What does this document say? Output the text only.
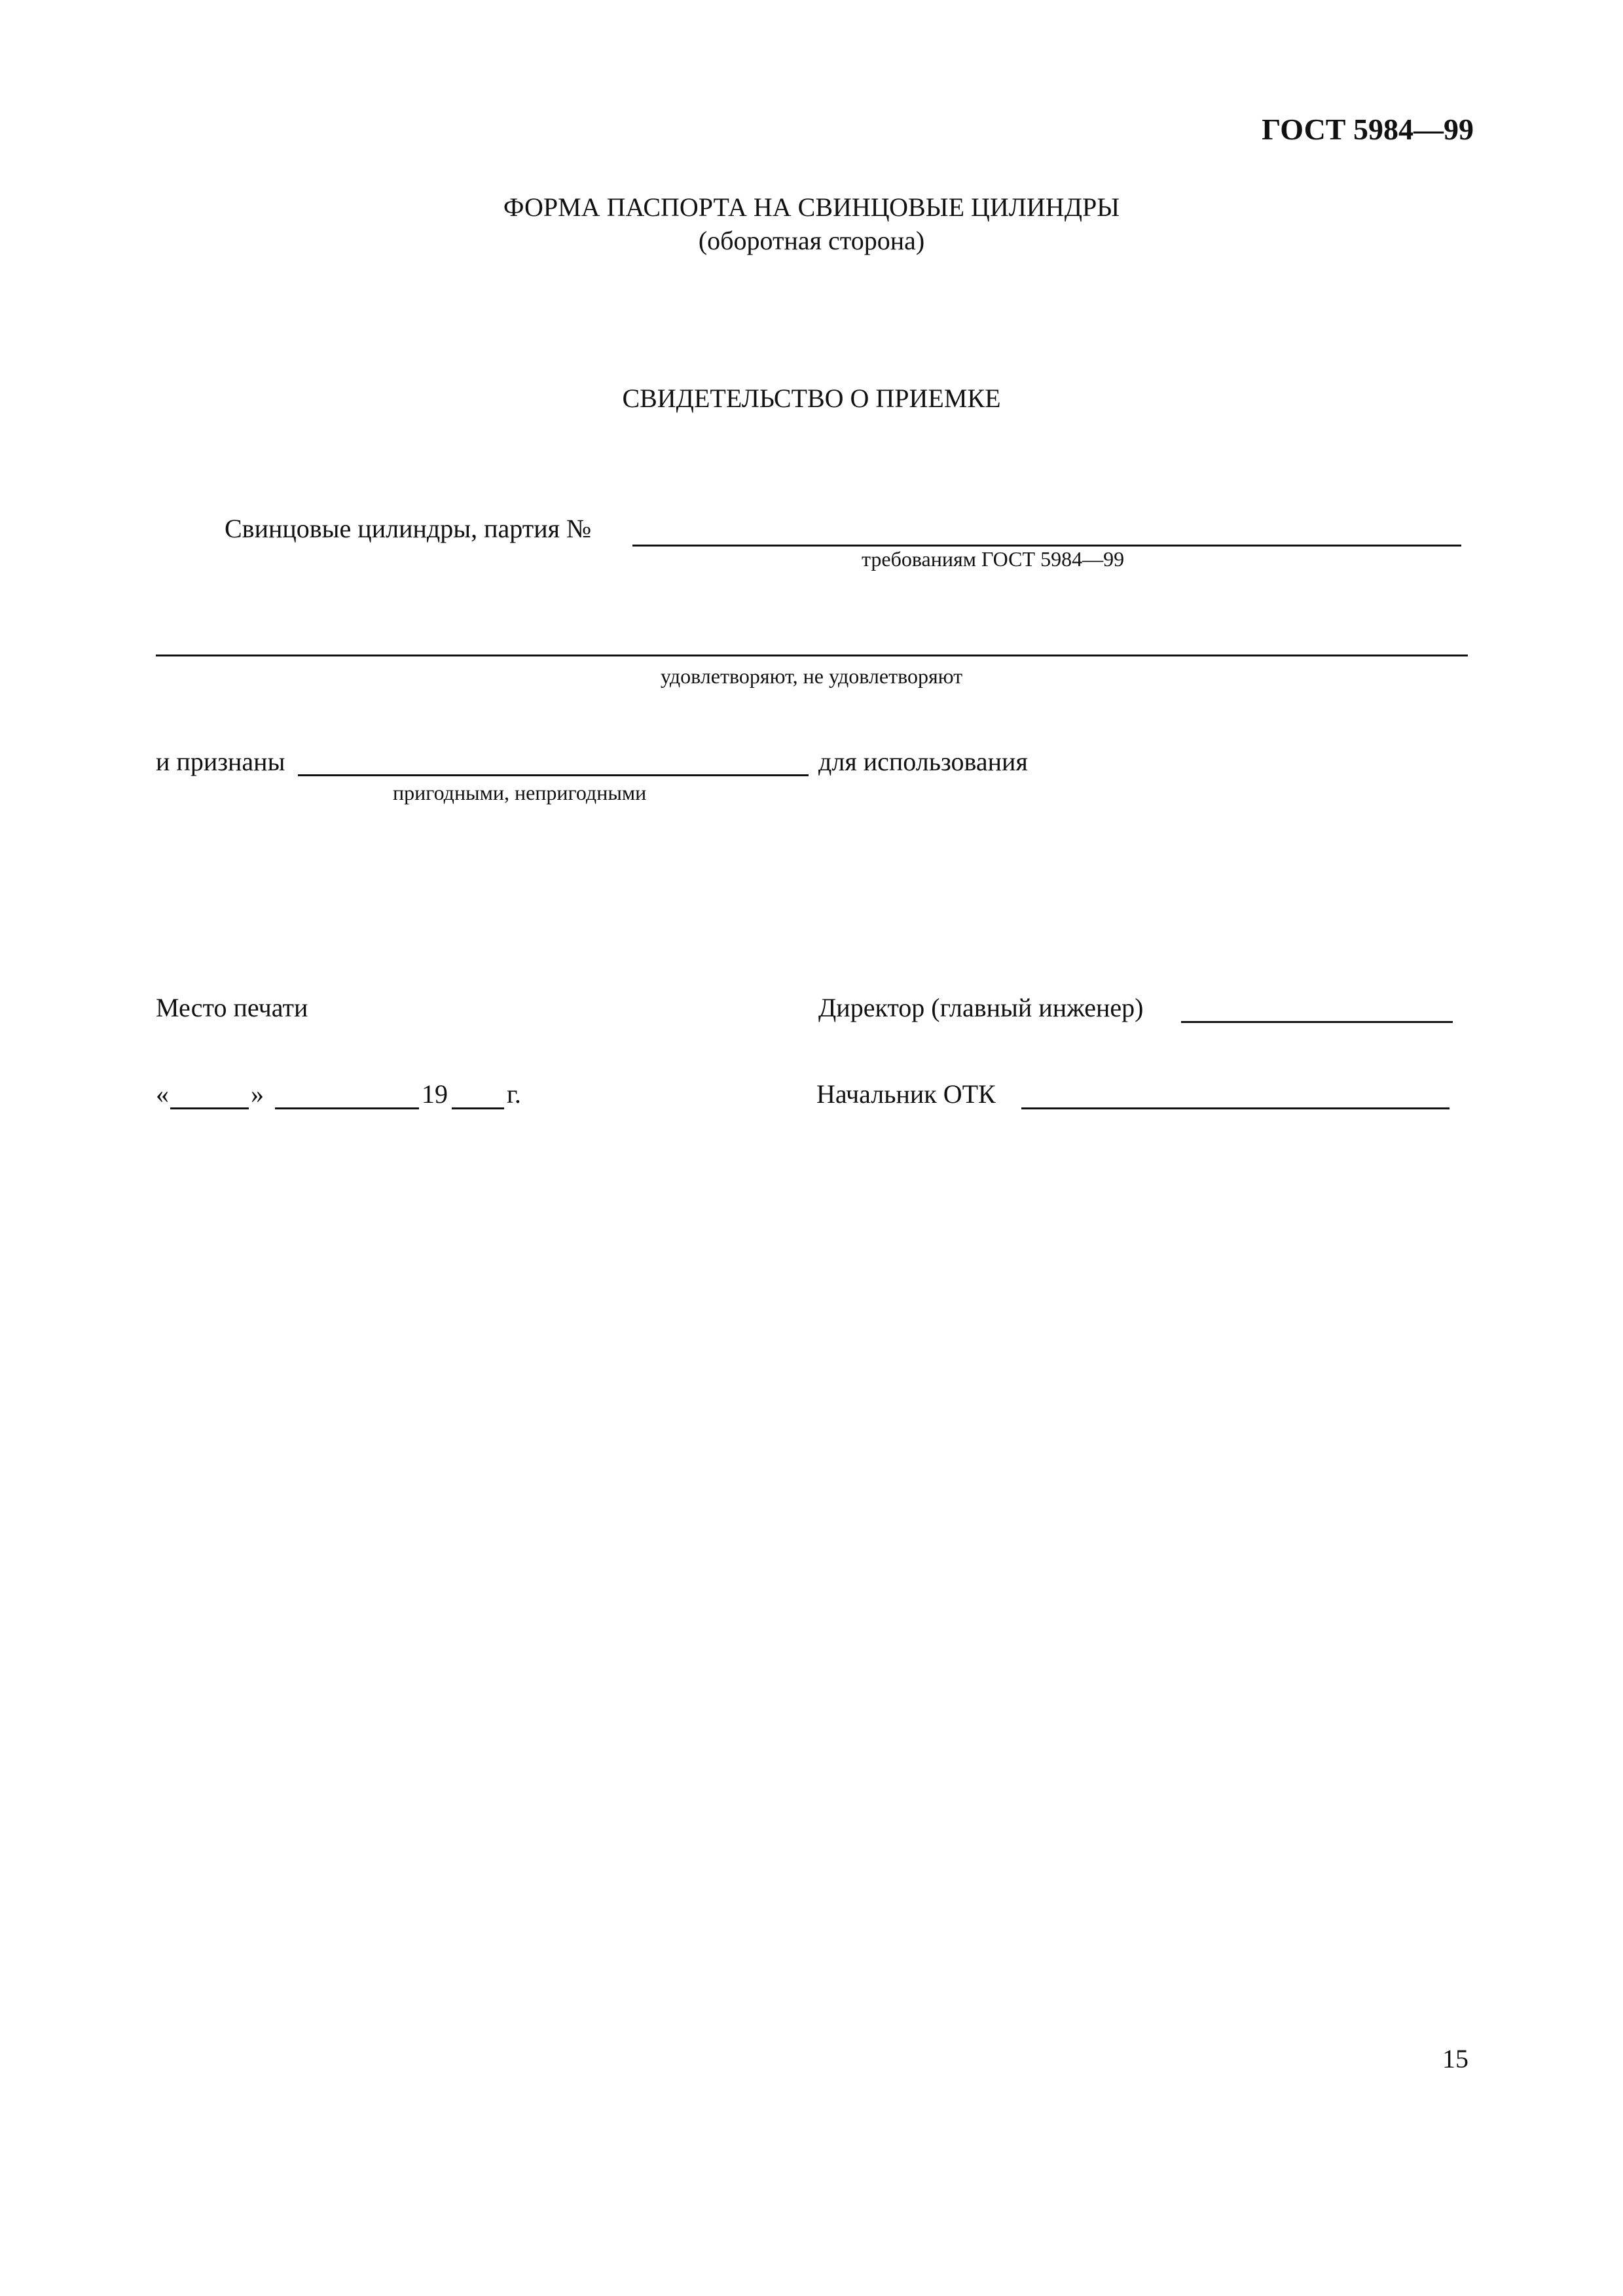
ГОСТ 5984—99
ФОРМА ПАСПОРТА НА СВИНЦОВЫЕ ЦИЛИНДРЫ
(оборотная сторона)
СВИДЕТЕЛЬСТВО О ПРИЕМКЕ
Свинцовые цилиндры, партия №
требованиям ГОСТ 5984—99
удовлетворяют, не удовлетворяют
и признаны	для использования
пригодными, непригодными
Место печати	Директор (главный инженер)
«	»	19 г.	Начальник ОТК
15
